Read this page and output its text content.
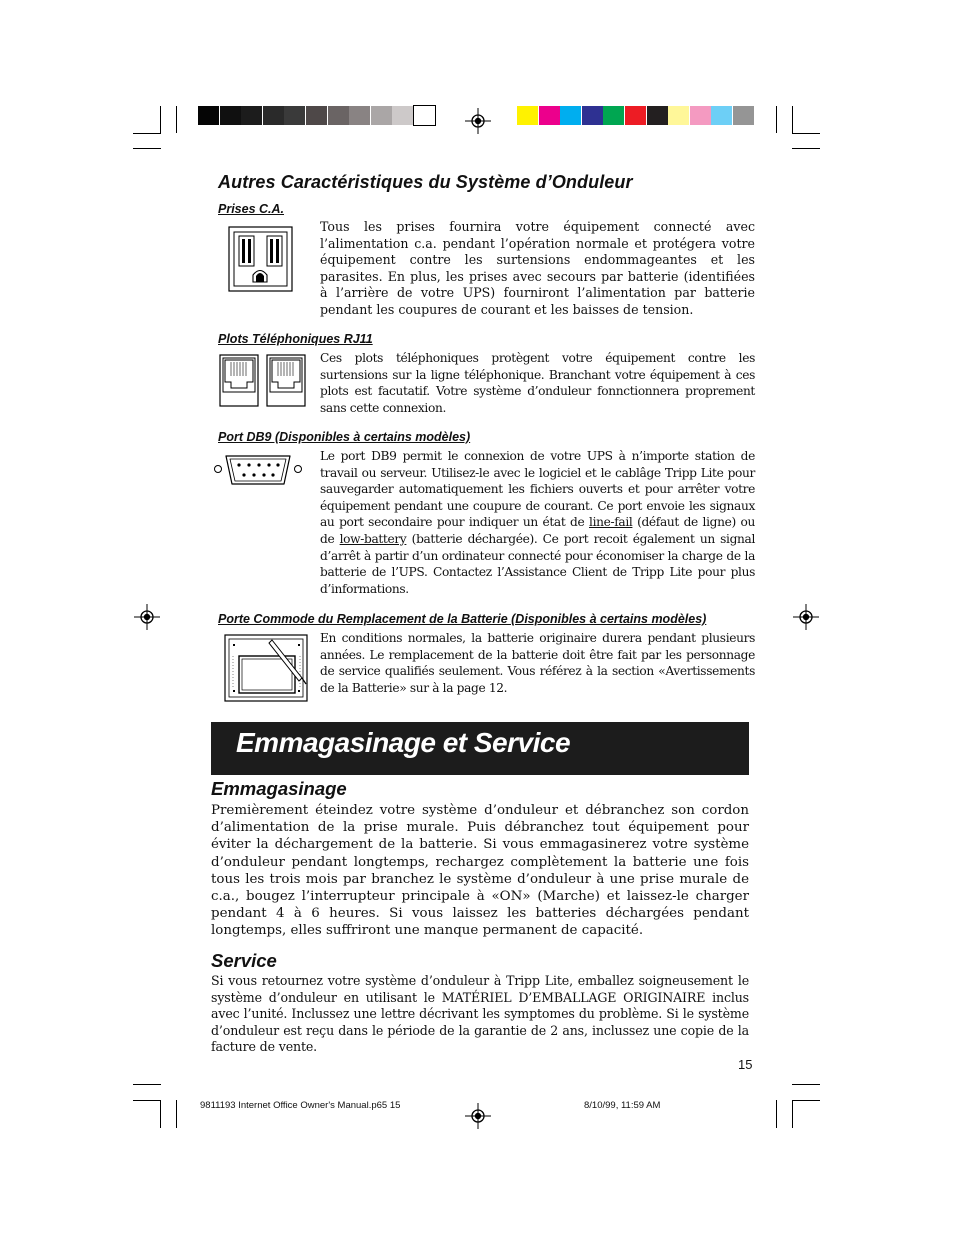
Autres Caractéristiques du Système d’Onduleur
Prises C.A.
Tous les prises fournira votre équipement connecté avec l’alimentation c.a. pendant l’opération normale et protégera votre équipement contre les surtensions endommageantes et les parasites. En plus, les prises avec secours par batterie (identifiées à l’arrière de votre UPS) fourniront l’alimentation par batterie pendant les coupures de courant et les baisses de tension.
Plots Téléphoniques RJ11
Ces plots téléphoniques protègent votre équipement contre les surtensions sur la ligne téléphonique. Branchant votre équipement à ces plots est facutatif. Votre système d’onduleur fonnctionnera proprement sans cette connexion.
Port DB9 (Disponibles à certains modèles)
Le port DB9 permit le connexion de votre UPS à n’importe station de travail ou serveur. Utilisez-le avec le logiciel et le cablâge Tripp Lite pour sauvegarder automatiquement les fichiers ouverts et pour arrêter votre équipement pendant une coupure de courant. Ce port envoie les signaux au port secondaire pour indiquer un état de line-fail (défaut de ligne) ou de low-battery (batterie déchargée). Ce port recoit également un signal d’arrêt à partir d’un ordinateur connecté pour économiser la charge de la batterie de l’UPS. Contactez l’Assistance Client de Tripp Lite pour plus d’informations.
Porte Commode du Remplacement de la Batterie (Disponibles à certains modèles)
En conditions normales, la batterie originaire durera pendant plusieurs années. Le remplacement de la batterie doit être fait par les personnage de service qualifiés seulement. Vous référez à la section «Avertissements de la Batterie» sur à la page 12.
Emmagasinage et Service
Emmagasinage
Premièrement éteindez votre système d’onduleur et débranchez son cordon d’alimentation de la prise murale. Puis débranchez tout équipement pour éviter la déchargement de la batterie. Si vous emmagasinerez votre système d’onduleur pendant longtemps, rechargez complètement la batterie une fois tous les trois mois par branchez le système d’onduleur à une prise murale de c.a., bougez l’interrupteur principale à «ON» (Marche) et laissez-le charger pendant 4 à 6 heures. Si vous laissez les batteries déchargées pendant longtemps, elles suffriront une manque permanent de capacité.
Service
Si vous retournez votre système d’onduleur à Tripp Lite, emballez soigneusement le système d’onduleur en utilisant le MATÉRIEL D’EMBALLAGE ORIGINAIRE inclus avec l’unité. Inclussez une lettre décrivant les symptomes du problème. Si le système d’onduleur est reçu dans le période de la garantie de 2 ans, inclussez une copie de la facture de vente.
15
9811193 Internet Office Owner's Manual.p65 15	8/10/99, 11:59 AM
